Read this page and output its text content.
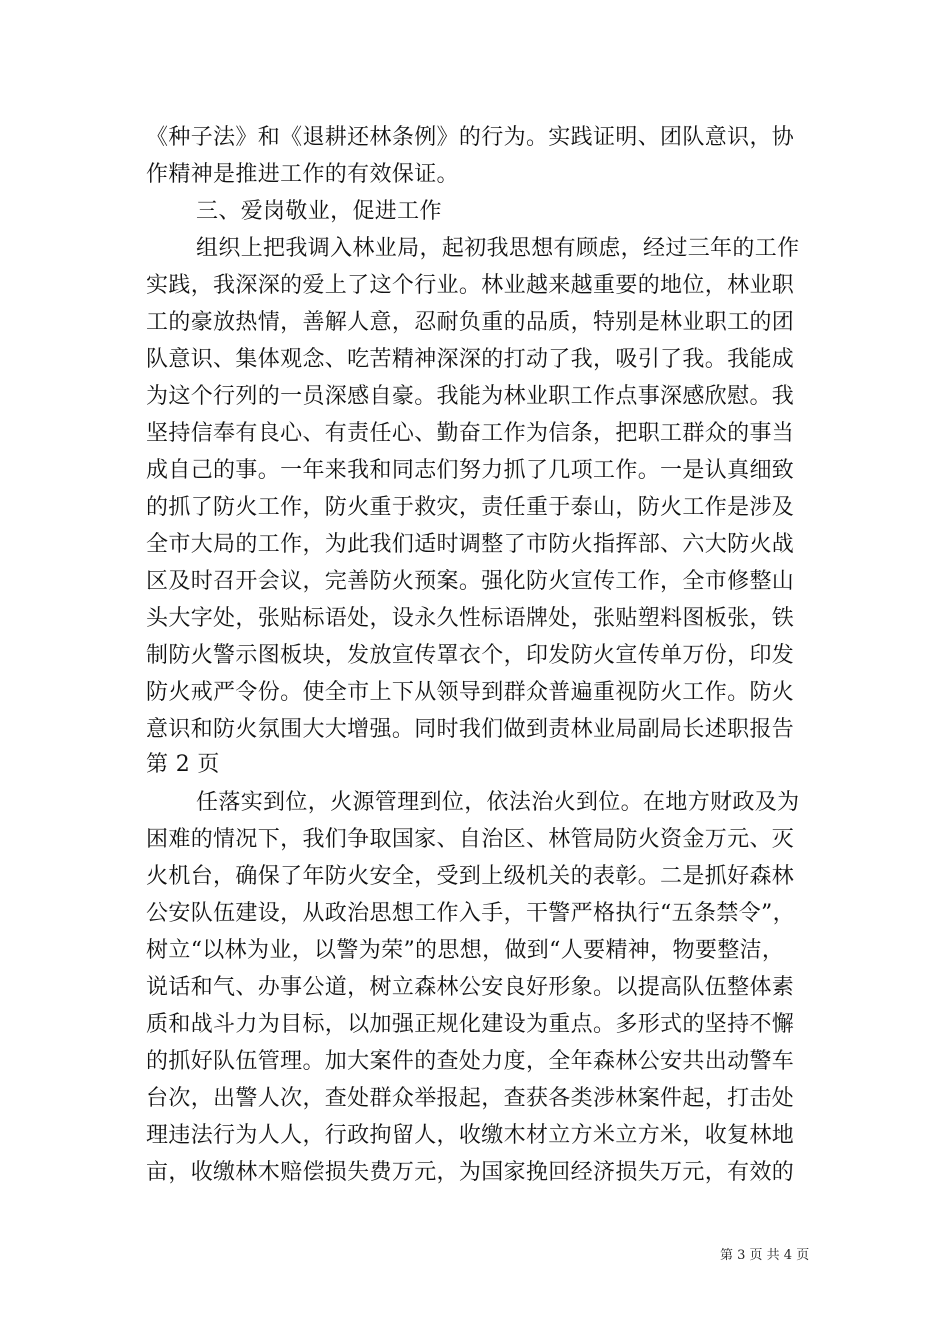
《种子法》和《退耕还林条例》的行为。实践证明、团队意识，协
作精神是推进工作的有效保证。
三、爱岗敬业，促进工作
组织上把我调入林业局，起初我思想有顾虑，经过三年的工作
实践，我深深的爱上了这个行业。林业越来越重要的地位，林业职
工的豪放热情，善解人意，忍耐负重的品质，特别是林业职工的团
队意识、集体观念、吃苦精神深深的打动了我，吸引了我。我能成
为这个行列的一员深感自豪。我能为林业职工作点事深感欣慰。我
坚持信奉有良心、有责任心、勤奋工作为信条，把职工群众的事当
成自己的事。一年来我和同志们努力抓了几项工作。一是认真细致
的抓了防火工作，防火重于救灾，责任重于泰山，防火工作是涉及
全市大局的工作，为此我们适时调整了市防火指挥部、六大防火战
区及时召开会议，完善防火预案。强化防火宣传工作，全市修整山
头大字处，张贴标语处，设永久性标语牌处，张贴塑料图板张，铁
制防火警示图板块，发放宣传罩衣个，印发防火宣传单万份，印发
防火戒严令份。使全市上下从领导到群众普遍重视防火工作。防火
意识和防火氛围大大增强。同时我们做到责林业局副局长述职报告
第 2 页
任落实到位，火源管理到位，依法治火到位。在地方财政及为
困难的情况下，我们争取国家、自治区、林管局防火资金万元、灭
火机台，确保了年防火安全，受到上级机关的表彰。二是抓好森林
公安队伍建设，从政治思想工作入手，干警严格执行“五条禁令”，
树立“以林为业，以警为荣”的思想，做到“人要精神，物要整洁，
说话和气、办事公道，树立森林公安良好形象。以提高队伍整体素
质和战斗力为目标，以加强正规化建设为重点。多形式的坚持不懈
的抓好队伍管理。加大案件的查处力度，全年森林公安共出动警车
台次，出警人次，查处群众举报起，查获各类涉林案件起，打击处
理违法行为人人，行政拘留人，收缴木材立方米立方米，收复林地
亩，收缴林木赔偿损失费万元，为国家挽回经济损失万元，有效的
第 3 页 共 4 页
